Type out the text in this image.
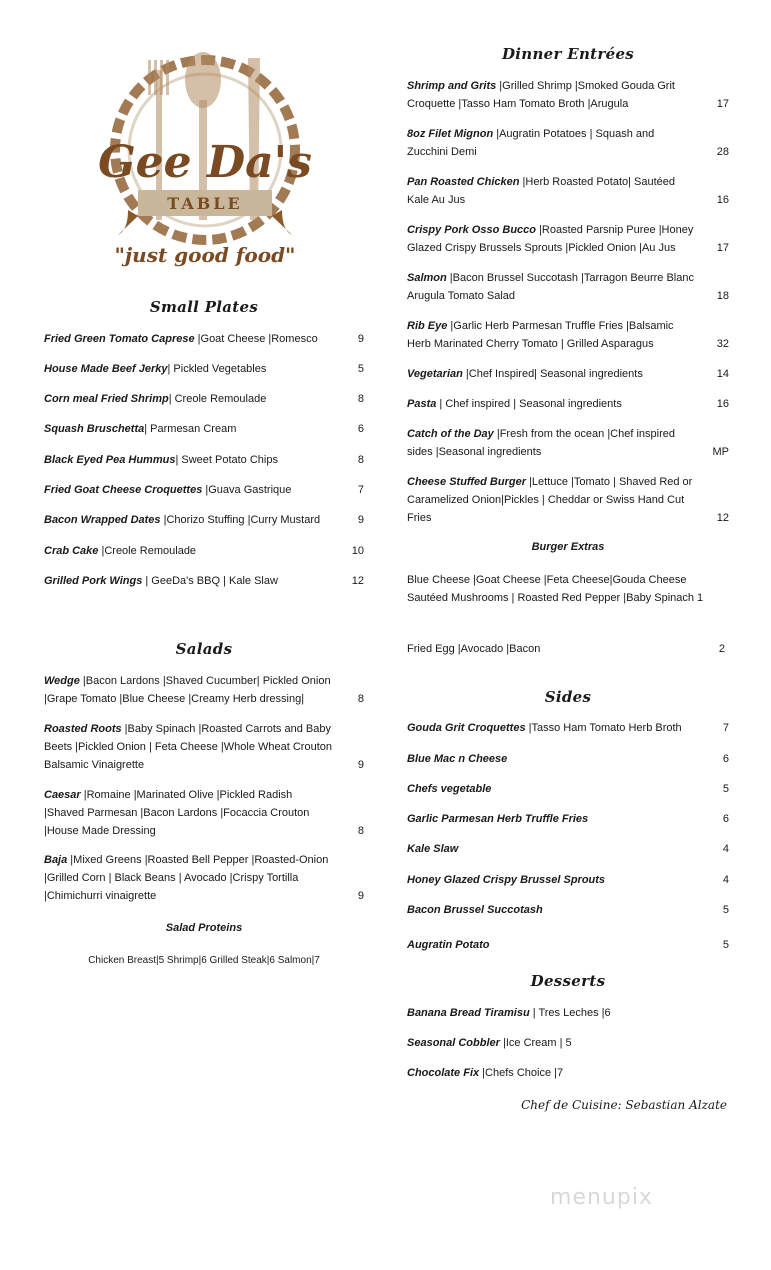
Gee Da's
TABLE
"just good food"
Small Plates
Fried Green Tomato Caprese |Goat Cheese |Romesco	9
House Made Beef Jerky| Pickled Vegetables	5
Corn meal Fried Shrimp| Creole Remoulade	8
Squash Bruschetta| Parmesan Cream	6
Black Eyed Pea Hummus| Sweet Potato Chips	8
Fried Goat Cheese Croquettes |Guava Gastrique	7
Bacon Wrapped Dates |Chorizo Stuffing |Curry Mustard	9
Crab Cake |Creole Remoulade	10
Grilled Pork Wings | GeeDa's BBQ | Kale Slaw	12
Salads
Wedge |Bacon Lardons |Shaved Cucumber| Pickled Onion |Grape Tomato |Blue Cheese |Creamy Herb dressing|	8
Roasted Roots |Baby Spinach |Roasted Carrots and Baby Beets |Pickled Onion | Feta Cheese |Whole Wheat Crouton Balsamic Vinaigrette	9
Caesar |Romaine |Marinated Olive |Pickled Radish |Shaved Parmesan |Bacon Lardons |Focaccia Crouton |House Made Dressing	8
Baja |Mixed Greens |Roasted Bell Pepper |Roasted-Onion |Grilled Corn | Black Beans | Avocado |Crispy Tortilla |Chimichurri vinaigrette	9
Salad Proteins
Chicken Breast|5 Shrimp|6 Grilled Steak|6 Salmon|7
Dinner Entrées
Shrimp and Grits |Grilled Shrimp |Smoked Gouda Grit Croquette |Tasso Ham Tomato Broth |Arugula	17
8oz Filet Mignon |Augratin Potatoes | Squash and Zucchini Demi	28
Pan Roasted Chicken |Herb Roasted Potato| Sautéed Kale Au Jus	16
Crispy Pork Osso Bucco |Roasted Parsnip Puree |Honey Glazed Crispy Brussels Sprouts |Pickled Onion |Au Jus	17
Salmon |Bacon Brussel Succotash |Tarragon Beurre Blanc Arugula Tomato Salad	18
Rib Eye |Garlic Herb Parmesan Truffle Fries |Balsamic Herb Marinated Cherry Tomato | Grilled Asparagus	32
Vegetarian |Chef Inspired| Seasonal ingredients	14
Pasta | Chef inspired | Seasonal ingredients	16
Catch of the Day |Fresh from the ocean |Chef inspired sides |Seasonal ingredients	MP
Cheese Stuffed Burger |Lettuce |Tomato | Shaved Red or Caramelized Onion|Pickles | Cheddar or Swiss Hand Cut Fries	12
Burger Extras
Blue Cheese |Goat Cheese |Feta Cheese|Gouda Cheese Sautéed Mushrooms | Roasted Red Pepper |Baby Spinach 1
Fried Egg |Avocado |Bacon	2
Sides
Gouda Grit Croquettes |Tasso Ham Tomato Herb Broth	7
Blue Mac n Cheese	6
Chefs vegetable	5
Garlic Parmesan Herb Truffle Fries	6
Kale Slaw	4
Honey Glazed Crispy Brussel Sprouts	4
Bacon Brussel Succotash	5
Augratin Potato	5
Desserts
Banana Bread Tiramisu | Tres Leches |6
Seasonal Cobbler |Ice Cream | 5
Chocolate Fix |Chefs Choice |7
Chef de Cuisine: Sebastian Alzate
menupix
